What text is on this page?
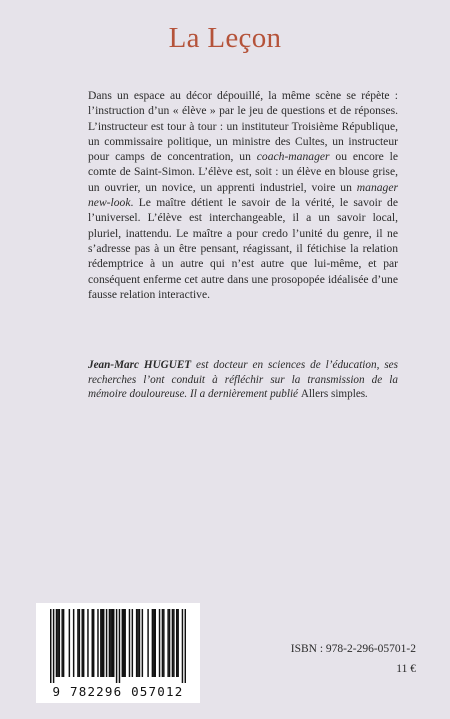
La Leçon

Dans un espace au décor dépouillé, la même scène se répète : l’instruction d’un « élève » par le jeu de questions et de réponses. L’instructeur est tour à tour : un instituteur Troisième République, un commissaire politique, un ministre des Cultes, un instructeur pour camps de concentration, un coach-manager ou encore le comte de Saint-Simon. L’élève est, soit : un élève en blouse grise, un ouvrier, un novice, un apprenti industriel, voire un manager new-look. Le maître détient le savoir de la vérité, le savoir de l’universel. L’élève est interchangeable, il a un savoir local, pluriel, inattendu. Le maître a pour credo l’unité du genre, il ne s’adresse pas à un être pensant, réagissant, il fétichise la relation rédemptrice à un autre qui n’est autre que lui-même, et par conséquent enferme cet autre dans une prosopopée idéalisée d’une fausse relation interactive.

Jean-Marc HUGUET est docteur en sciences de l’éducation, ses recherches l’ont conduit à réfléchir sur la transmission de la mémoire douloureuse. Il a dernièrement publié Allers simples.

9 782296 057012
ISBN : 978-2-296-05701-2
11 €
